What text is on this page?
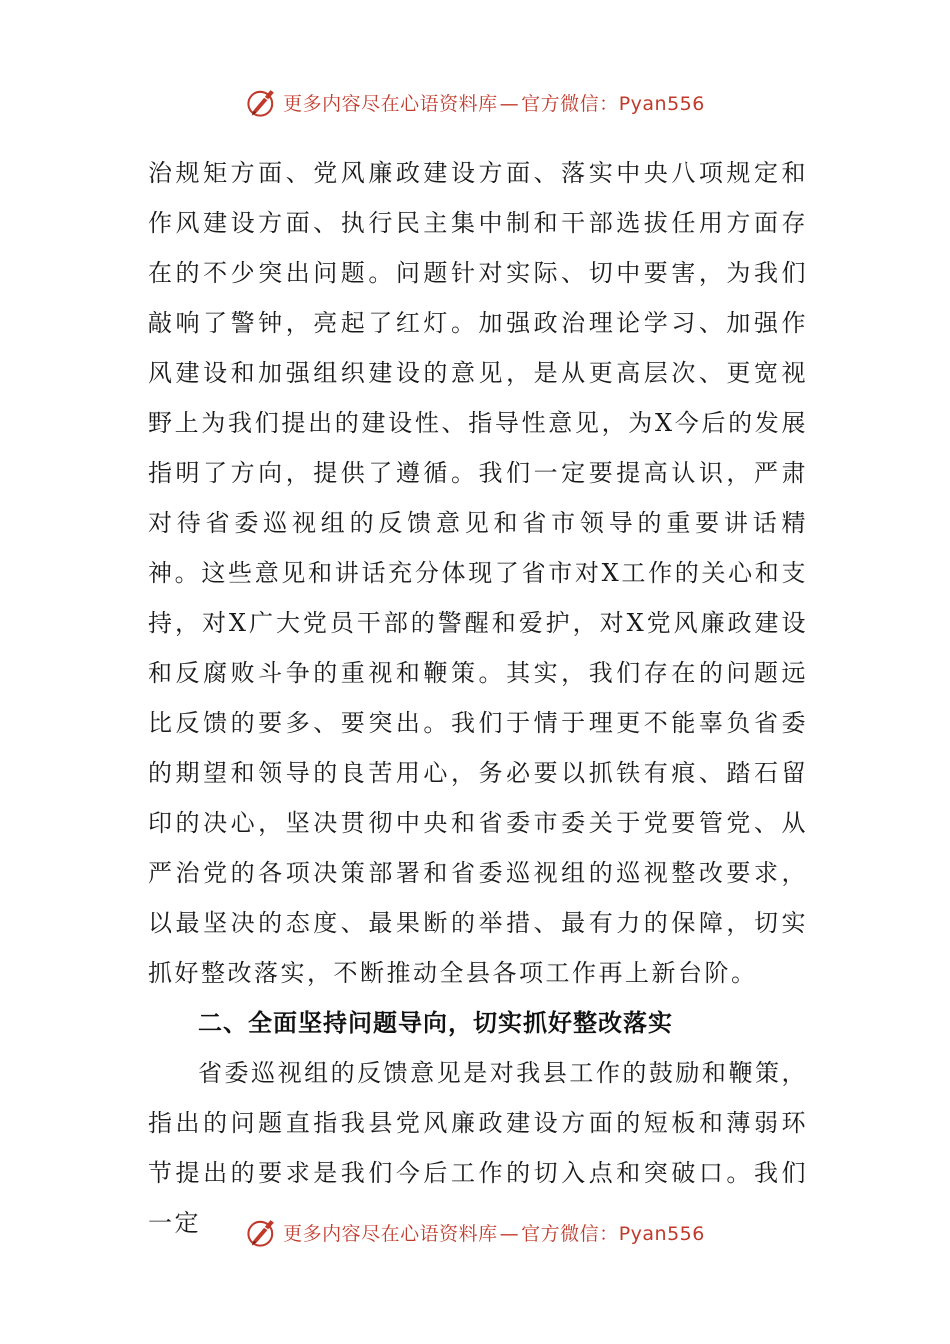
更多内容尽在心语资料库 — 官方微信：Pyan556

治规矩方面、党风廉政建设方面、落实中央八项规定和作风建设方面、执行民主集中制和干部选拔任用方面存在的不少突出问题。问题针对实际、切中要害，为我们敲响了警钟，亮起了红灯。加强政治理论学习、加强作风建设和加强组织建设的意见，是从更高层次、更宽视野上为我们提出的建设性、指导性意见，为X今后的发展指明了方向，提供了遵循。我们一定要提高认识，严肃对待省委巡视组的反馈意见和省市领导的重要讲话精神。这些意见和讲话充分体现了省市对X工作的关心和支持，对X广大党员干部的警醒和爱护，对X党风廉政建设和反腐败斗争的重视和鞭策。其实，我们存在的问题远比反馈的要多、要突出。我们于情于理更不能辜负省委的期望和领导的良苦用心，务必要以抓铁有痕、踏石留印的决心，坚决贯彻中央和省委市委关于党要管党、从严治党的各项决策部署和省委巡视组的巡视整改要求，以最坚决的态度、最果断的举措、最有力的保障，切实抓好整改落实，不断推动全县各项工作再上新台阶。

二、全面坚持问题导向，切实抓好整改落实

省委巡视组的反馈意见是对我县工作的鼓励和鞭策，指出的问题直指我县党风廉政建设方面的短板和薄弱环节提出的要求是我们今后工作的切入点和突破口。我们一定	更多内容尽在心语资料库 — 官方微信：Pyan556
